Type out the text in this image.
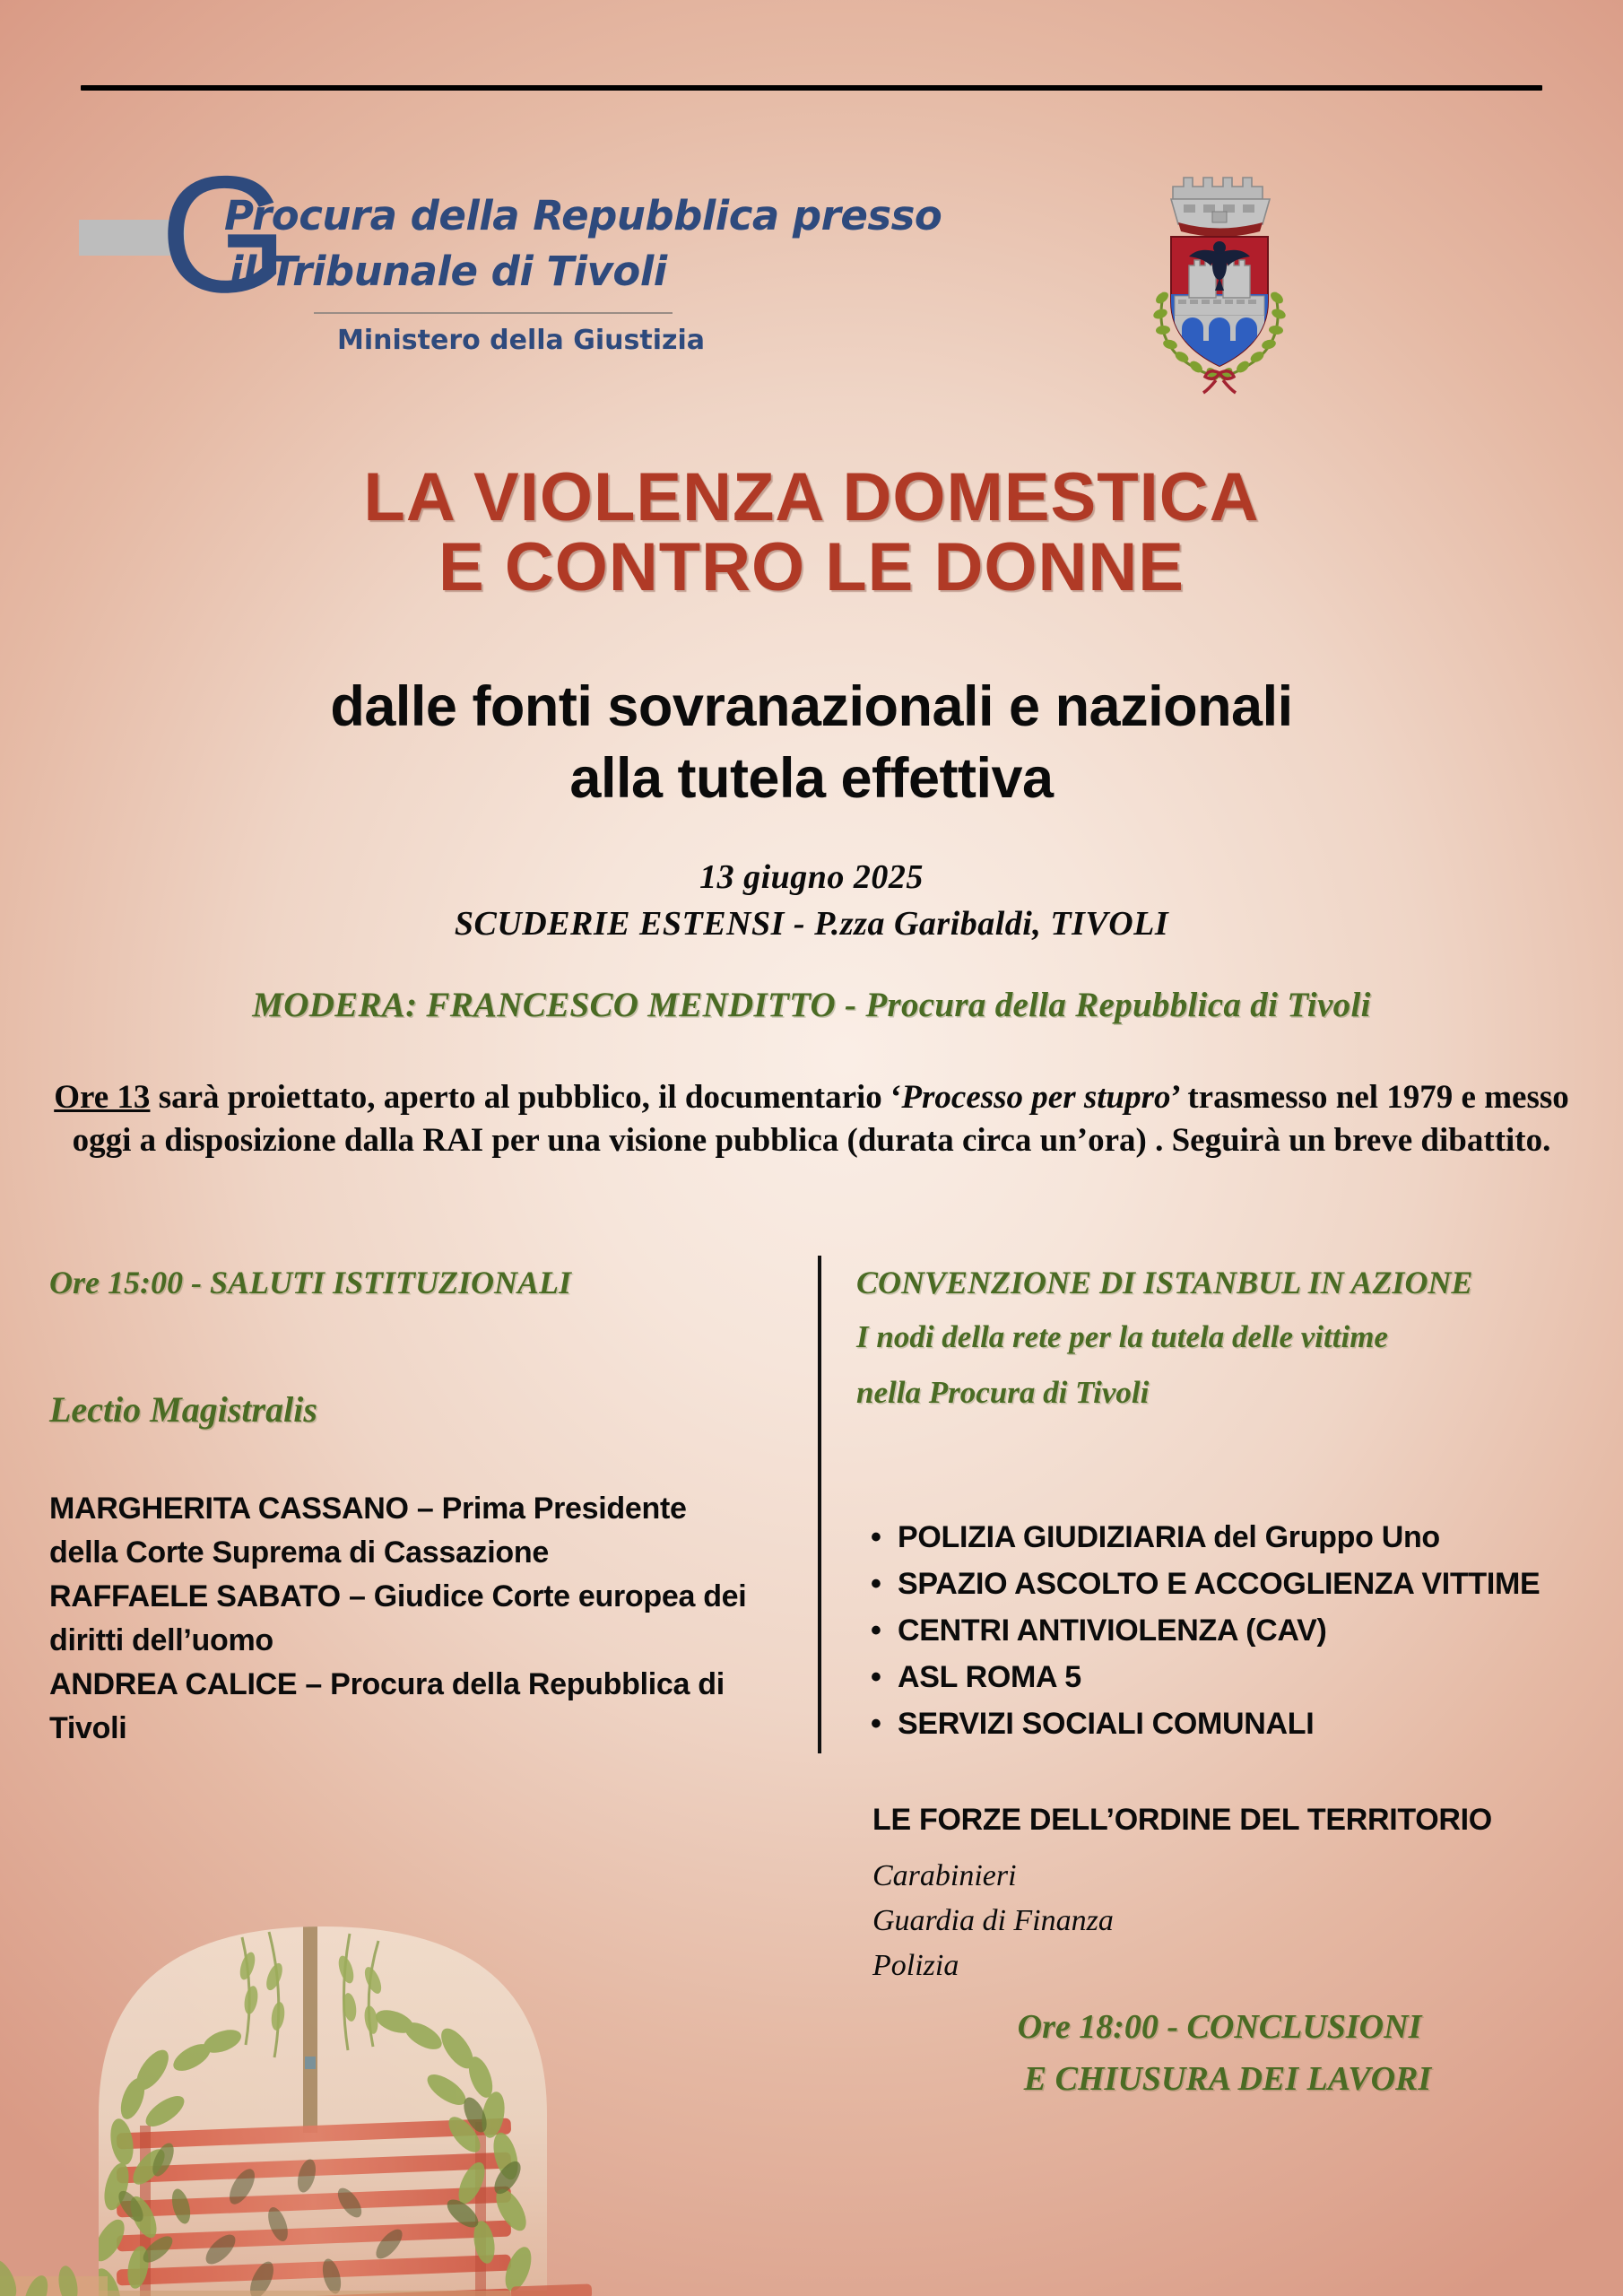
G
Procura della Repubblica presso
il Tribunale di Tivoli
Ministero della Giustizia
LA VIOLENZA DOMESTICA
E CONTRO LE DONNE
dalle fonti sovranazionali e nazionali
alla tutela effettiva
13 giugno 2025
SCUDERIE ESTENSI - P.zza Garibaldi, TIVOLI
MODERA: FRANCESCO MENDITTO - Procura della Repubblica di Tivoli
Ore 13 sarà proiettato, aperto al pubblico, il documentario ‘Processo per stupro’ trasmesso nel 1979 e messo oggi a disposizione dalla RAI per una visione pubblica (durata circa un’ora) . Seguirà un breve dibattito.
Ore 15:00 - SALUTI ISTITUZIONALI
Lectio Magistralis
MARGHERITA CASSANO – Prima Presidente
della Corte Suprema di Cassazione
RAFFAELE SABATO – Giudice Corte europea dei
diritti dell’uomo
ANDREA CALICE – Procura della Repubblica di
Tivoli
CONVENZIONE DI ISTANBUL IN AZIONE
I nodi della rete per la tutela delle vittime
nella Procura di Tivoli
• POLIZIA GIUDIZIARIA del Gruppo Uno
• SPAZIO ASCOLTO E ACCOGLIENZA VITTIME
• CENTRI ANTIVIOLENZA (CAV)
• ASL ROMA 5
• SERVIZI SOCIALI COMUNALI
LE FORZE DELL’ORDINE DEL TERRITORIO
Carabinieri
Guardia di Finanza
Polizia
Ore 18:00 - CONCLUSIONI
E CHIUSURA DEI LAVORI
